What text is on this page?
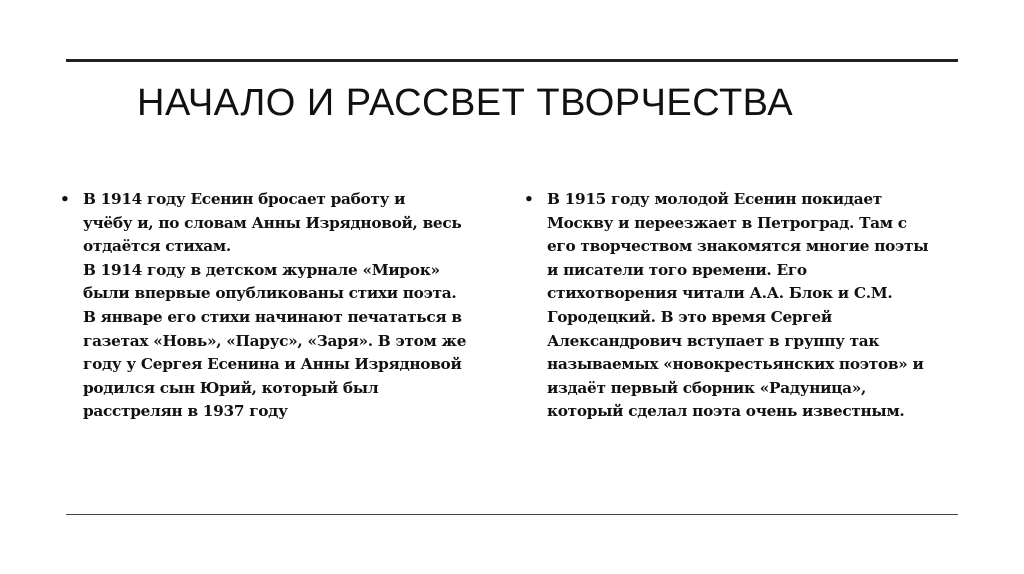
НАЧАЛО И РАССВЕТ ТВОРЧЕСТВА
• В 1914 году Есенин бросает работу и
учёбу и, по словам Анны Изрядновой, весь
отдаётся стихам.
В 1914 году в детском журнале «Мирок»
были впервые опубликованы стихи поэта.
В январе его стихи начинают печататься в
газетах «Новь», «Парус», «Заря». В этом же
году у Сергея Есенина и Анны Изрядновой
родился сын Юрий, который был
расстрелян в 1937 году
• В 1915 году молодой Есенин покидает
Москву и переезжает в Петроград. Там с
его творчеством знакомятся многие поэты
и писатели того времени. Его
стихотворения читали А.А. Блок и С.М.
Городецкий. В это время Сергей
Александрович вступает в группу так
называемых «новокрестьянских поэтов» и
издаёт первый сборник «Радуница»,
который сделал поэта очень известным.
